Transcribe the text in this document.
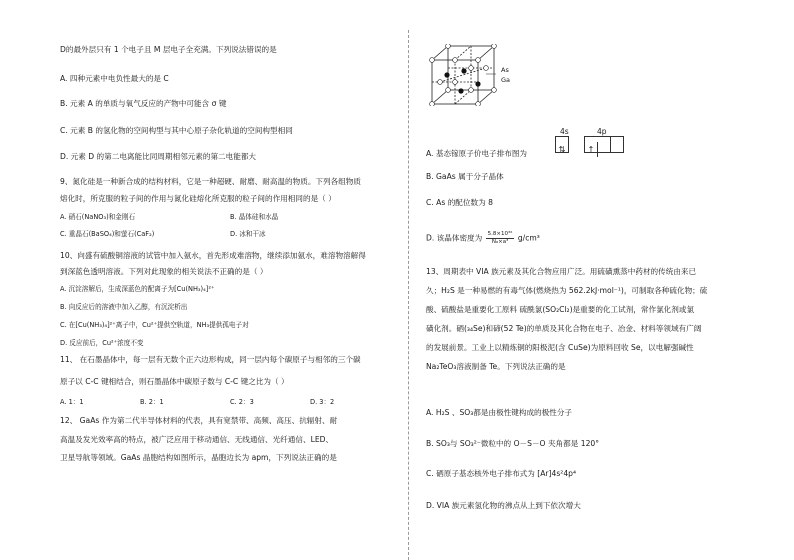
D的最外层只有 1 个电子且 M 层电子全充满。下列说法错误的是
A. 四种元素中电负性最大的是 C
B. 元素 A 的单质与氧气反应的产物中可能含 σ 键
C. 元素 B 的氢化物的空间构型与其中心原子杂化轨道的空间构型相同
D. 元素 D 的第二电离能比同周期相邻元素的第二电能都大
9、氮化硅是一种新合成的结构材料，它是一种超硬、耐磨、耐高温的物质。下列各组物质
熔化时，所克服的粒子间的作用与氮化硅熔化所克服的粒子间的作用相同的是（ ）
A. 硝石(NaNO₃)和金刚石	B. 晶体硅和水晶
C. 重晶石(BaSO₄)和萤石(CaF₂)	D. 冰和干冰
10、向盛有硫酸铜溶液的试管中加入氨水，首先形成难溶物，继续添加氨水，难溶物溶解得
到深蓝色透明溶液。下列对此现象的相关说法不正确的是（ ）
A. 沉淀溶解后，生成深蓝色的配离子为[Cu(NH₃)₄]²⁺
B. 向反应后的溶液中加入乙醇，有沉淀析出
C. 在[Cu(NH₃)₄]²⁺离子中，Cu²⁺提供空轨道，NH₃提供孤电子对
D. 反应前后，Cu²⁺浓度不变
11、 在石墨晶体中，每一层有无数个正六边形构成，同一层内每个碳原子与相邻的三个碳
原子以 C-C 键相结合，则石墨晶体中碳原子数与 C-C 键之比为（ ）
A. 1：1	B. 2：1	C. 2：3	D. 3：2
12、 GaAs 作为第二代半导体材料的代表，具有宽禁带、高频、高压、抗辐射、耐
高温及发光效率高的特点，被广泛应用于移动通信、无线通信、光纤通信、LED、
卫星导航等领域。GaAs 晶胞结构如图所示，晶胞边长为 apm，下列说法正确的是
As
Ga
4s	4p
⇅	↑
A. 基态镓原子价电子排布图为
B. GaAs 属于分子晶体
C. As 的配位数为 8
D. 该晶体密度为 $\frac{\text{5.8×10³²}}{\text{Nₐ×a³}} g/cm^3$
13、周期表中 VIA 族元素及其化合物应用广泛。用硫磺熏蒸中药材的传统由来已
久；H₂S 是一种易燃的有毒气体(燃烧热为 562.2kJ·mol⁻¹)，可制取各种硫化物；硫
酸、硫酸盐是重要化工原料 硫酰氯(SO₂Cl₂)是重要的化工试剂，常作氯化剂或氯
磺化剂。硒(₃₄Se)和碲(52 Te)的单质及其化合物在电子、冶金、材料等领域有广阔
的发展前景。工业上以精炼铜的阳极泥(含 CuSe)为原料回收 Se，以电解强碱性
Na₂TeO₃溶液制备 Te。下列说法正确的是
A. H₂S 、SO₃都是由极性键构成的极性分子
B. SO₃与 SO₃²⁻微粒中的 O－S－O 夹角都是 120°
C. 硒原子基态核外电子排布式为 [Ar]4s²4p⁴
D. VIA 族元素氢化物的沸点从上到下依次增大
